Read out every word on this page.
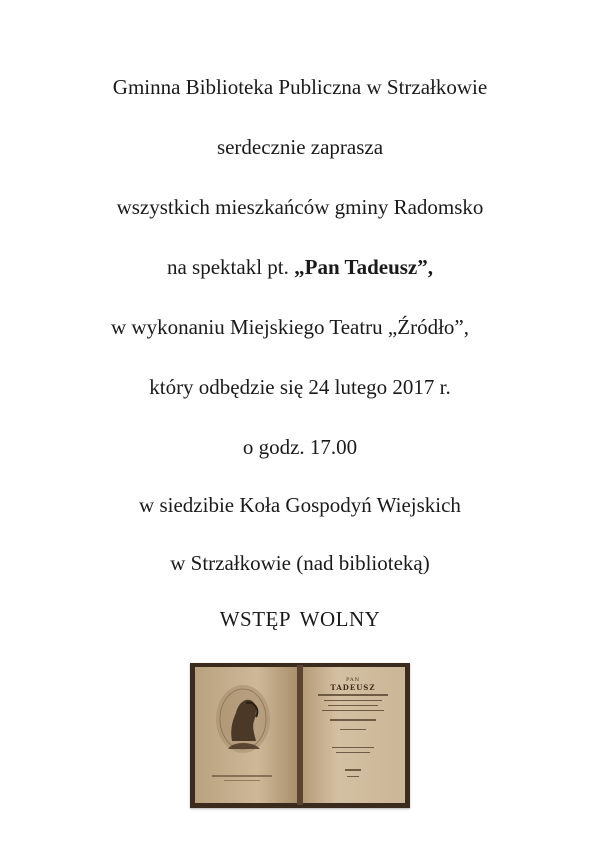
Gminna Biblioteka Publiczna w Strzałkowie
serdecznie zaprasza
wszystkich mieszkańców gminy Radomsko
na spektakl pt. „Pan Tadeusz”,
w wykonaniu Miejskiego Teatru „Źródło”,
który odbędzie się 24 lutego 2017 r.
o godz. 17.00
w siedzibie Koła Gospodyń Wiejskich
w Strzałkowie (nad biblioteką)
WSTĘP WOLNY
PAN
TADEUSZ
